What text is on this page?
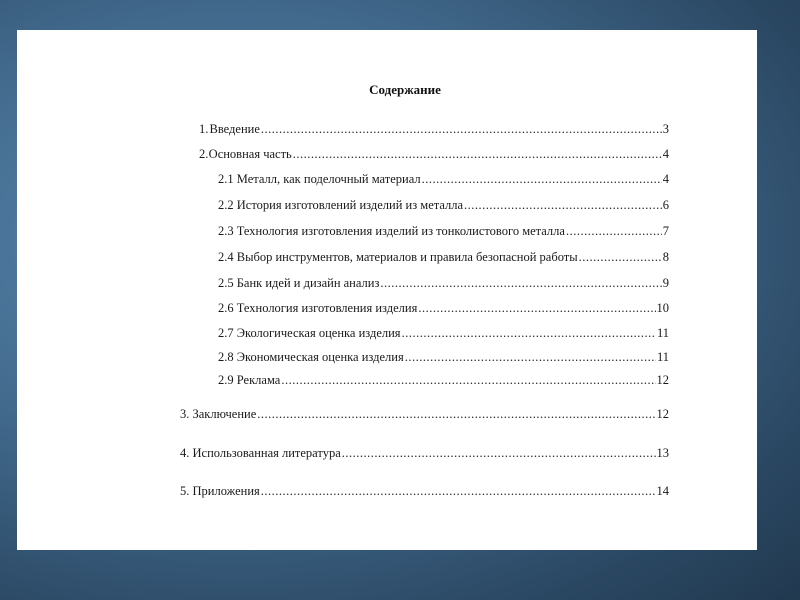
Содержание
1. Введение .....	3
2. Основная часть .....	4
2.1 Металл, как поделочный материал .....	4
2.2 История изготовлений изделий из металла .....	6
2.3 Технология изготовления изделий из тонколистового металла .....	7
2.4 Выбор инструментов, материалов и правила безопасной работы .....	8
2.5 Банк идей и дизайн анализ .....	9
2.6 Технология изготовления изделия .....	10
2.7 Экологическая оценка изделия .....	11
2.8 Экономическая оценка изделия .....	11
2.9 Реклама .....	12
3. Заключение .....	12
4. Использованная литература .....	13
5. Приложения .....	14
